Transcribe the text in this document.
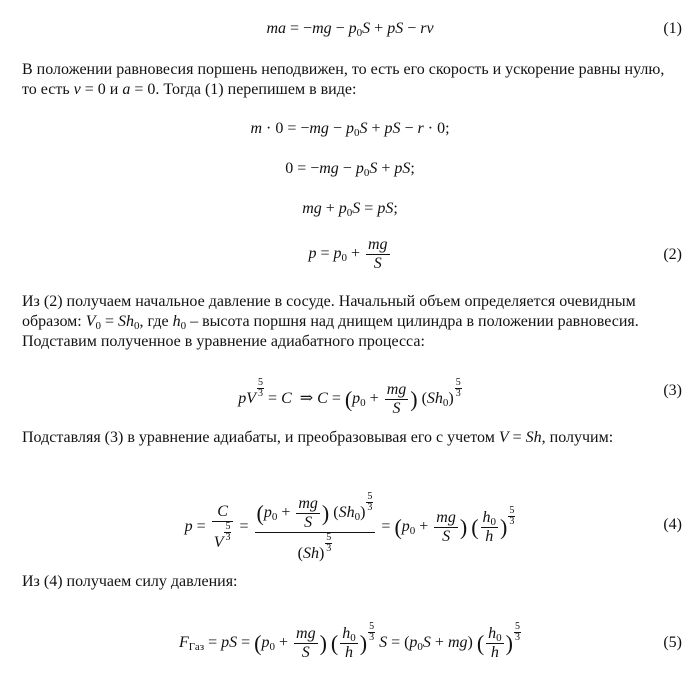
ma = $-mg - p_0S$ + pS − rv	(1)
В положении равновесия поршень неподвижен, то есть его скорость и ускорение равны нулю, то есть v = 0 и a = 0. Тогда (1) перепишем в виде:
$m \cdot 0 = -mg - p_0S$ + pS − r · 0;
$0 = -mg - p_0S$ + pS;
mg + $p_0S$ = pS;
$p = p_0 + \frac{mg}{S}$	(2)
Из (2) получаем начальное давление в сосуде. Начальный объем определяется очевидным образом: $V_0 = Sh_0$, где $h_0$ – высота поршня над днищем цилиндра в положении равновесия. Подставим полученное в уравнение адиабатного процесса:
pV $\frac{5}{3} = C$  ⇒ $C = (p_0 + \frac{mg}{S}$ ) $(Sh_0) \frac{5}{3}$	(3)
Подставляя (3) в уравнение адиабаты, и преобразовывая его с учетом V = Sh, получим:
$p = \frac{C}{V \frac{5}{3}} = \frac{(p_0 + \frac{mg}{S} ) (Sh_0) \frac{5}{3}}{(Sh) \frac{5}{3}} = (p_0 + \frac{mg}{S}$ ) ( $\frac{h_0}{h}$ ) $\frac{5}{3}$	(4)
Из (4) получаем силу давления:
$F_{Газ}$ = pS = ($p_0 + \frac{mg}{S}$ ) ( $\frac{h_0}{h}$ ) $\frac{5}{3}$ $S = (p_0S + mg)$ ( $\frac{h_0}{h}$ ) $\frac{5}{3}$	(5)
